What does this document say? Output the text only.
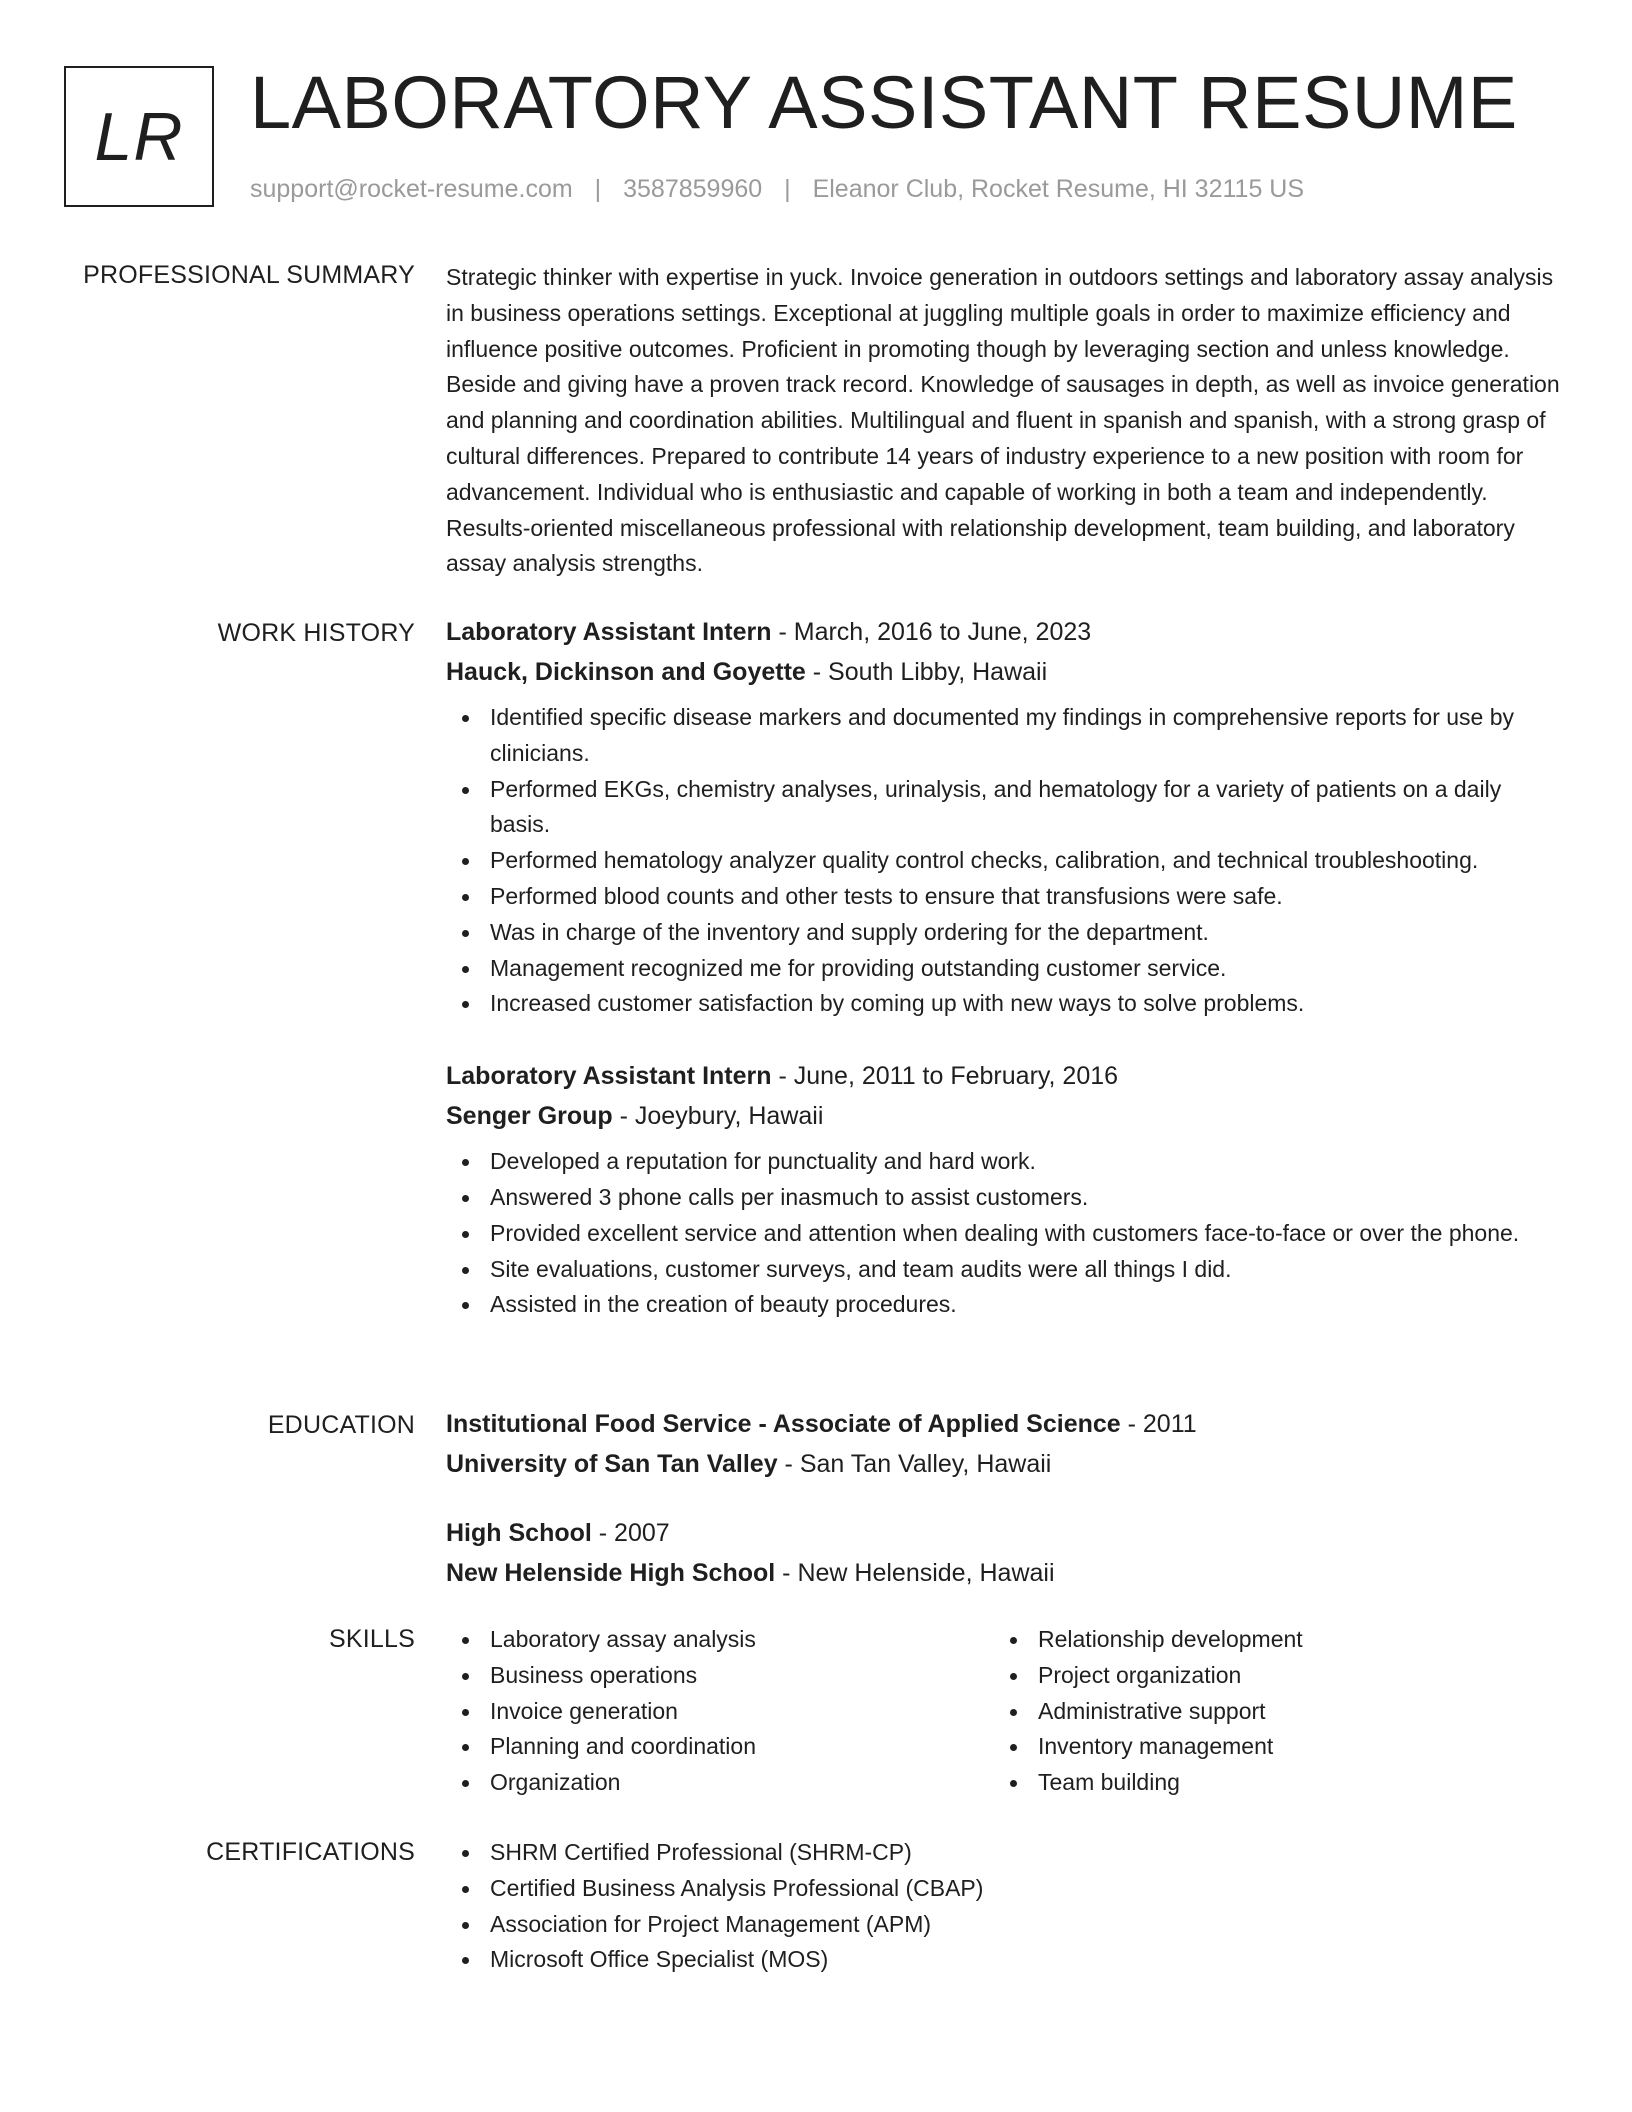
LR LABORATORY ASSISTANT RESUME
support@rocket-resume.com | 3587859960 | Eleanor Club, Rocket Resume, HI 32115 US
PROFESSIONAL SUMMARY Strategic thinker with expertise in yuck. Invoice generation in outdoors settings and laboratory assay analysis in business operations settings. Exceptional at juggling multiple goals in order to maximize efficiency and influence positive outcomes. Proficient in promoting though by leveraging section and unless knowledge. Beside and giving have a proven track record. Knowledge of sausages in depth, as well as invoice generation and planning and coordination abilities. Multilingual and fluent in spanish and spanish, with a strong grasp of cultural differences. Prepared to contribute 14 years of industry experience to a new position with room for advancement. Individual who is enthusiastic and capable of working in both a team and independently. Results-oriented miscellaneous professional with relationship development, team building, and laboratory assay analysis strengths.

WORK HISTORY Laboratory Assistant Intern - March, 2016 to June, 2023
Hauck, Dickinson and Goyette - South Libby, Hawaii
Identified specific disease markers and documented my findings in comprehensive reports for use by clinicians.
Performed EKGs, chemistry analyses, urinalysis, and hematology for a variety of patients on a daily basis.
Performed hematology analyzer quality control checks, calibration, and technical troubleshooting.
Performed blood counts and other tests to ensure that transfusions were safe.
Was in charge of the inventory and supply ordering for the department.
Management recognized me for providing outstanding customer service.
Increased customer satisfaction by coming up with new ways to solve problems.
Laboratory Assistant Intern - June, 2011 to February, 2016
Senger Group - Joeybury, Hawaii
Developed a reputation for punctuality and hard work.
Answered 3 phone calls per inasmuch to assist customers.
Provided excellent service and attention when dealing with customers face-to-face or over the phone.
Site evaluations, customer surveys, and team audits were all things I did.
Assisted in the creation of beauty procedures.
EDUCATION Institutional Food Service - Associate of Applied Science - 2011
University of San Tan Valley - San Tan Valley, Hawaii
High School - 2007
New Helenside High School - New Helenside, Hawaii
SKILLS	Laboratory assay analysis
Business operations
Invoice generation
Planning and coordination
Organization
Relationship development
Project organization
Administrative support
Inventory management
Team building
CERTIFICATIONS	SHRM Certified Professional (SHRM-CP)
Certified Business Analysis Professional (CBAP)
Association for Project Management (APM)
Microsoft Office Specialist (MOS)
